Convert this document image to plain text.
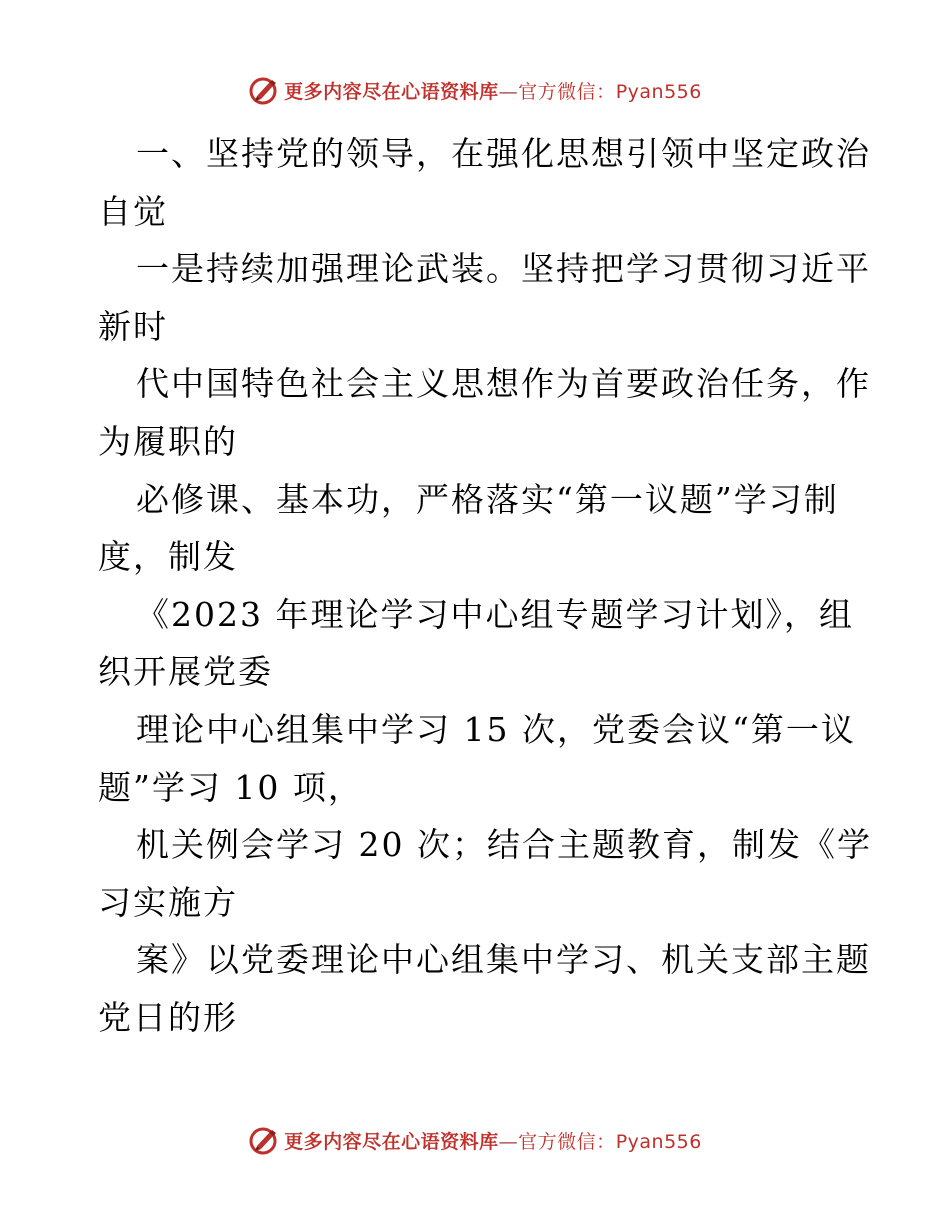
更多内容尽在心语资料库—官方微信：Pyan556
一、坚持党的领导，在强化思想引领中坚定政治
自觉
一是持续加强理论武装。坚持把学习贯彻习近平
新时
代中国特色社会主义思想作为首要政治任务，作
为履职的
必修课、基本功，严格落实“第一议题”学习制
度，制发
《2023 年理论学习中心组专题学习计划》，组
织开展党委
理论中心组集中学习 15 次，党委会议“第一议
题”学习 10 项，
机关例会学习 20 次；结合主题教育，制发《学
习实施方
案》以党委理论中心组集中学习、机关支部主题
党日的形
更多内容尽在心语资料库—官方微信：Pyan556
